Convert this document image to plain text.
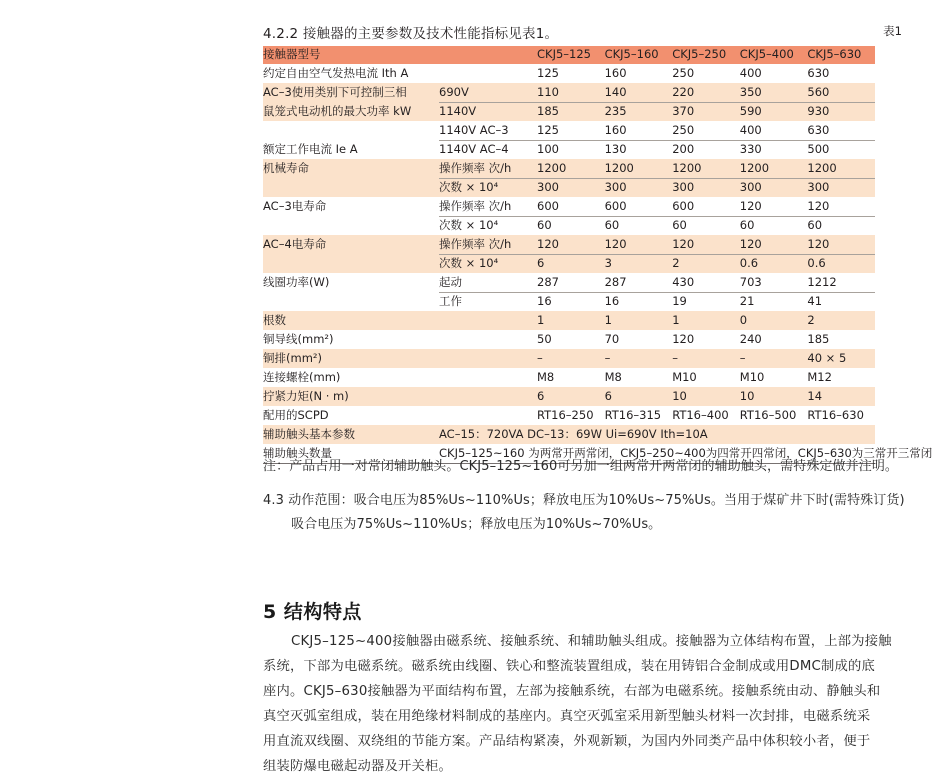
4.2.2 接触器的主要参数及技术性能指标见表1。	表1
接触器型号		CKJ5–125	CKJ5–160	CKJ5–250	CKJ5–400	CKJ5–630
约定自由空气发热电流 Ith A		125	160	250	400	630
AC–3使用类别下可控制三相	690V	110	140	220	350	560
鼠笼式电动机的最大功率 kW	1140V	185	235	370	590	930
	1140V AC–3	125	160	250	400	630
额定工作电流 Ie A	1140V AC–4	100	130	200	330	500
机械寿命	操作频率 次/h	1200	1200	1200	1200	1200
	次数 × 10⁴	300	300	300	300	300
AC–3电寿命	操作频率 次/h	600	600	600	120	120
	次数 × 10⁴	60	60	60	60	60
AC–4电寿命	操作频率 次/h	120	120	120	120	120
	次数 × 10⁴	6	3	2	0.6	0.6
线圈功率(W)	起动	287	287	430	703	1212
	工作	16	16	19	21	41
根数		1	1	1	0	2
铜导线(mm²)		50	70	120	240	185
铜排(mm²)		–	–	–	–	40 × 5
连接螺栓(mm)		M8	M8	M10	M10	M12
拧紧力矩(N · m)		6	6	10	10	14
配用的SCPD		RT16–250	RT16–315	RT16–400	RT16–500	RT16–630
辅助触头基本参数	AC–15：720VA DC–13：69W Ui=690V Ith=10A					
辅助触头数量	CKJ5–125~160 为两常开两常闭，CKJ5–250~400为四常开四常闭，CKJ5–630为三常开三常闭					
注：产品占用一对常闭辅助触头。CKJ5–125~160可另加一组两常开两常闭的辅助触头，需特殊定做并注明。
4.3 动作范围：吸合电压为85%Us~110%Us；释放电压为10%Us~75%Us。当用于煤矿井下时(需特殊订货)
吸合电压为75%Us~110%Us；释放电压为10%Us~70%Us。
5 结构特点
CKJ5–125~400接触器由磁系统、接触系统、和辅助触头组成。接触器为立体结构布置，上部为接触
系统，下部为电磁系统。磁系统由线圈、铁心和整流装置组成，装在用铸铝合金制成或用DMC制成的底
座内。CKJ5–630接触器为平面结构布置，左部为接触系统，右部为电磁系统。接触系统由动、静触头和
真空灭弧室组成，装在用绝缘材料制成的基座内。真空灭弧室采用新型触头材料一次封排，电磁系统采
用直流双线圈、双绕组的节能方案。产品结构紧凑，外观新颖，为国内外同类产品中体积较小者，便于
组装防爆电磁起动器及开关柜。
